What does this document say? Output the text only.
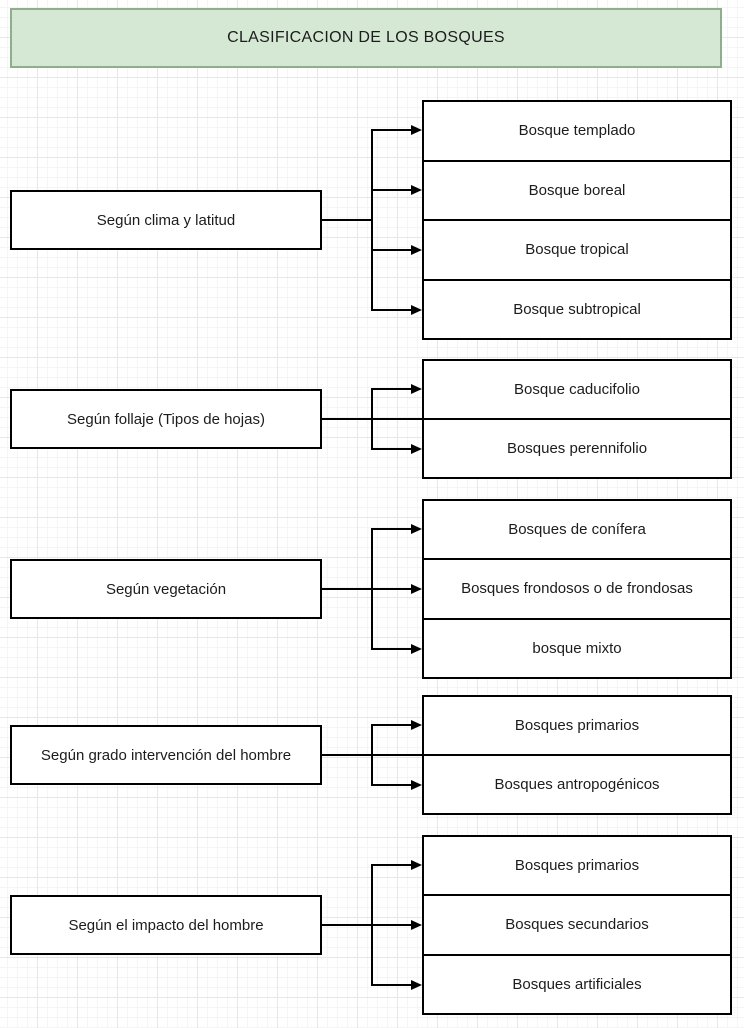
CLASIFICACION DE LOS BOSQUES
Según clima y latitud
Bosque templado
Bosque boreal
Bosque tropical
Bosque subtropical
Según follaje (Tipos de hojas)
Bosque caducifolio
Bosques perennifolio
Según vegetación
Bosques de conífera
Bosques frondosos o de frondosas
bosque mixto
Según grado intervención del hombre
Bosques primarios
Bosques antropogénicos
Según el impacto del hombre
Bosques primarios
Bosques secundarios
Bosques artificiales
